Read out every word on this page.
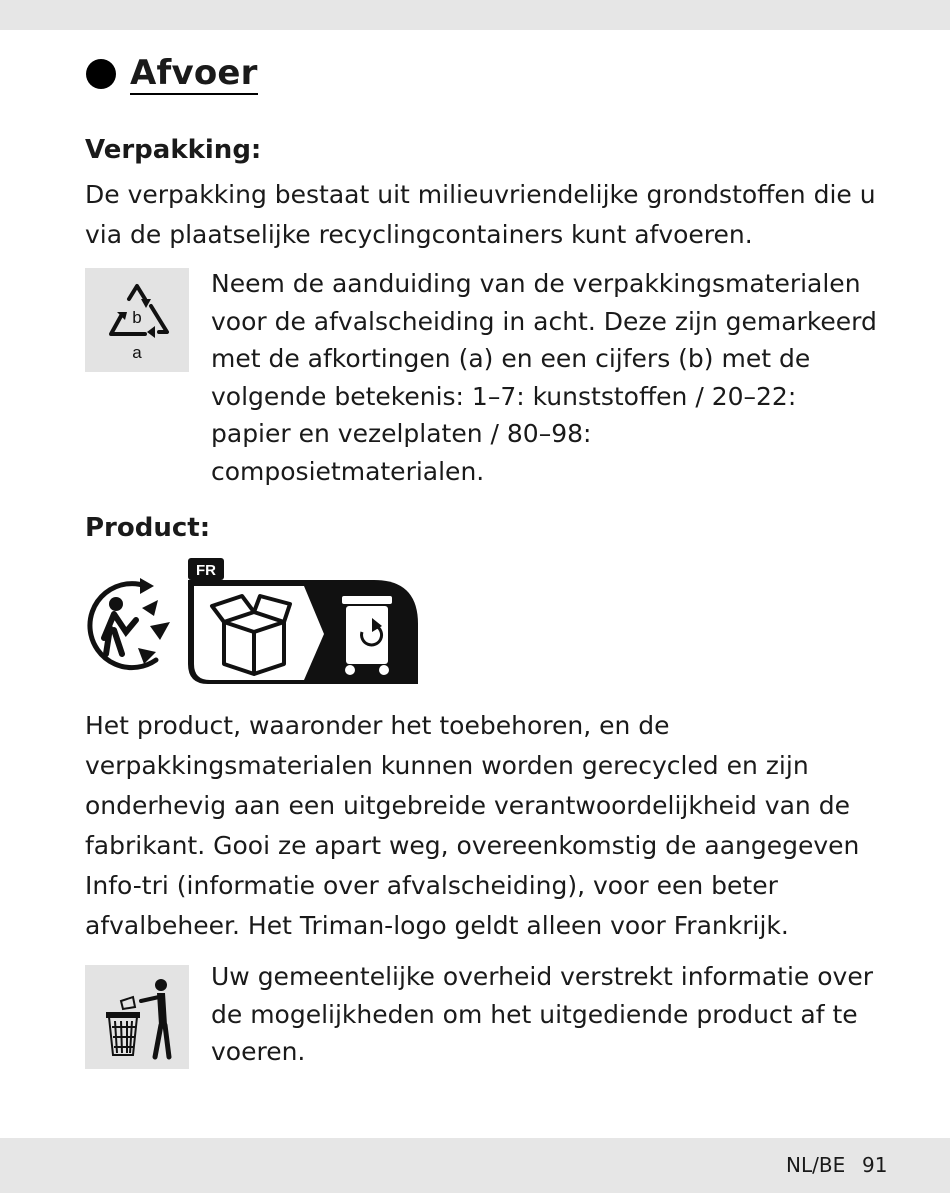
Afvoer
Verpakking:
De verpakking bestaat uit milieuvriendelijke grondstoffen die u
via de plaatselijke recyclingcontainers kunt afvoeren.
b
a
Neem de aanduiding van de verpakkingsmaterialen
voor de afvalscheiding in acht. Deze zijn gemarkeerd
met de afkortingen (a) en een cijfers (b) met de
volgende betekenis: 1–7: kunststoffen / 20–22:
papier en vezelplaten / 80–98:
composietmaterialen.
Product:
FR
Het product, waaronder het toebehoren, en de
verpakkingsmaterialen kunnen worden gerecycled en zijn
onderhevig aan een uitgebreide verantwoordelijkheid van de
fabrikant. Gooi ze apart weg, overeenkomstig de aangegeven
Info-tri (informatie over afvalscheiding), voor een beter
afvalbeheer. Het Triman-logo geldt alleen voor Frankrijk.
Uw gemeentelijke overheid verstrekt informatie over
de mogelijkheden om het uitgediende product af te
voeren.
NL/BE 91
